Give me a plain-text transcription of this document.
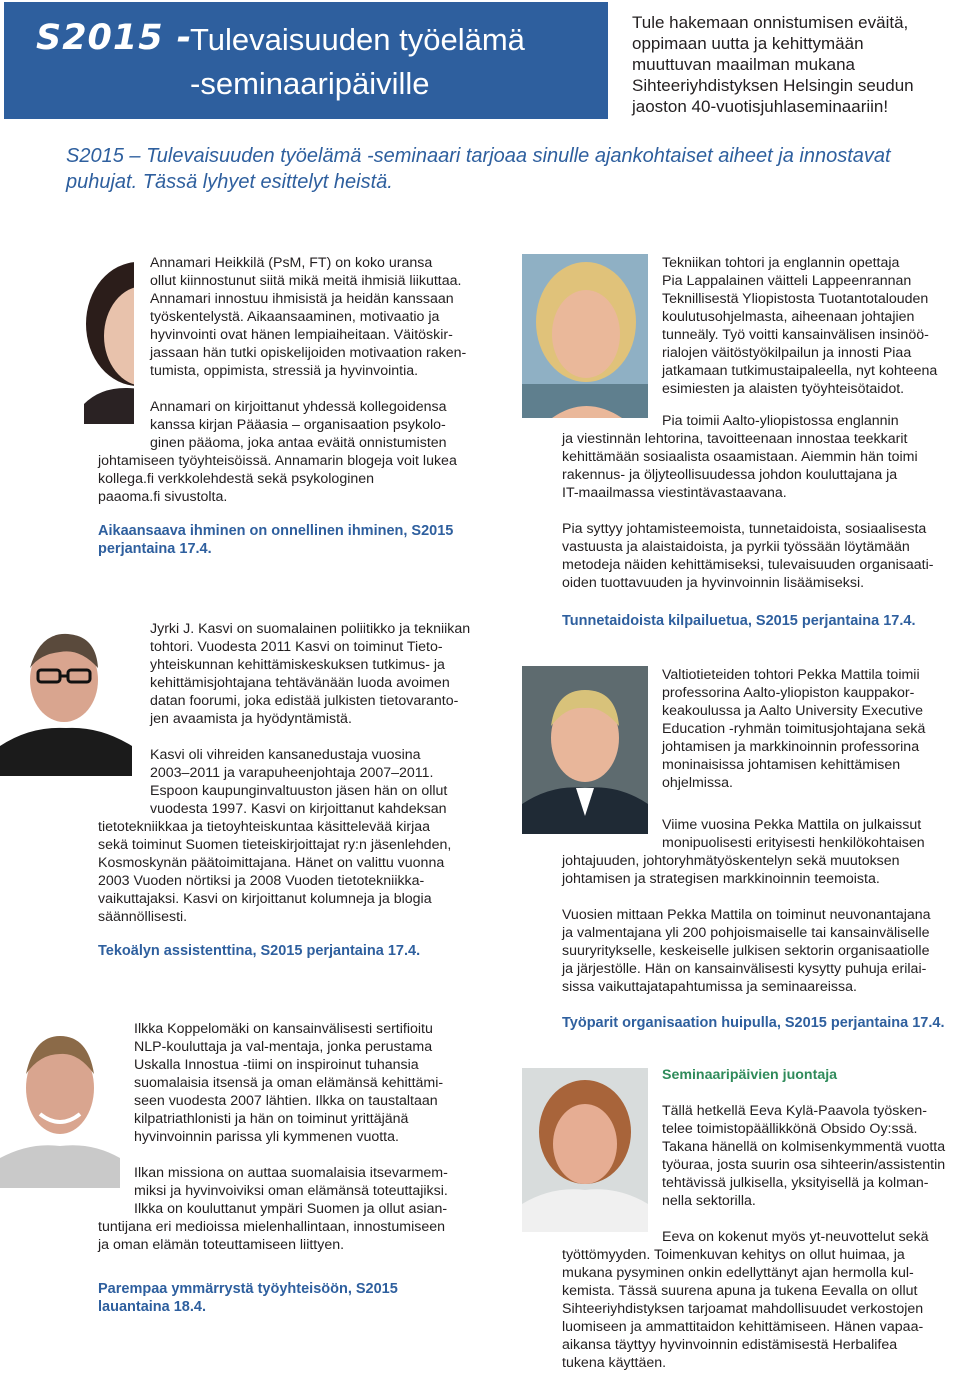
S2015 -
Tulevaisuuden työelämä
-seminaaripäiville
Tule hakemaan onnistumisen eväitä,
oppimaan uutta ja kehittymään
muuttuvan maailman mukana
Sihteeriyhdistyksen Helsingin seudun
jaoston 40-vuotisjuhlaseminaariin!
S2015 – Tulevaisuuden työelämä -seminaari tarjoaa sinulle ajankohtaiset aiheet ja innostavat
puhujat. Tässä lyhyet esittelyt heistä.
Annamari Heikkilä (PsM, FT) on koko uransa
ollut kiinnostunut siitä mikä meitä ihmisiä liikuttaa.
Annamari innostuu ihmisistä ja heidän kanssaan
työskentelystä. Aikaansaaminen, motivaatio ja
hyvinvointi ovat hänen lempiaiheitaan. Väitöskir-
jassaan hän tutki opiskelijoiden motivaation raken-
tumista, oppimista, stressiä ja hyvinvointia.
Annamari on kirjoittanut yhdessä kollegoidensa
kanssa kirjan Pääasia – organisaation psykolo-
ginen pääoma, joka antaa eväitä onnistumisten
johtamiseen työyhteisöissä. Annamarin blogeja voit lukea
kollega.fi verkkolehdestä sekä psykologinen
paaoma.fi sivustolta.
Aikaansaava ihminen on onnellinen ihminen, S2015
perjantaina 17.4.
Jyrki J. Kasvi on suomalainen poliitikko ja tekniikan
tohtori. Vuodesta 2011 Kasvi on toiminut Tieto-
yhteiskunnan kehittämiskeskuksen tutkimus- ja
kehittämisjohtajana tehtävänään luoda avoimen
datan foorumi, joka edistää julkisten tietovaranto-
jen avaamista ja hyödyntämistä.
Kasvi oli vihreiden kansanedustaja vuosina
2003–2011 ja varapuheenjohtaja 2007–2011.
Espoon kaupunginvaltuuston jäsen hän on ollut
vuodesta 1997. Kasvi on kirjoittanut kahdeksan
tietotekniikkaa ja tietoyhteiskuntaa käsittelevää kirjaa
sekä toiminut Suomen tieteiskirjoittajat ry:n jäsenlehden,
Kosmoskynän päätoimittajana. Hänet on valittu vuonna
2003 Vuoden nörtiksi ja 2008 Vuoden tietotekniikka-
vaikuttajaksi. Kasvi on kirjoittanut kolumneja ja blogia
säännöllisesti.
Tekoälyn assistenttina, S2015 perjantaina 17.4.
Ilkka Koppelomäki on kansainvälisesti sertifioitu
NLP-kouluttaja ja val-mentaja, jonka perustama
Uskalla Innostua -tiimi on inspiroinut tuhansia
suomalaisia itsensä ja oman elämänsä kehittämi-
seen vuodesta 2007 lähtien. Ilkka on taustaltaan
kilpatriathlonisti ja hän on toiminut yrittäjänä
hyvinvoinnin parissa yli kymmenen vuotta.
Ilkan missiona on auttaa suomalaisia itsevarmem-
miksi ja hyvinvoiviksi oman elämänsä toteuttajiksi.
Ilkka on kouluttanut ympäri Suomen ja ollut asian-
tuntijana eri medioissa mielenhallintaan, innostumiseen
ja oman elämän toteuttamiseen liittyen.
Parempaa ymmärrystä työyhteisöön, S2015
lauantaina 18.4.
Tekniikan tohtori ja englannin opettaja
Pia Lappalainen väitteli Lappeenrannan
Teknillisestä Yliopistosta Tuotantotalouden
koulutusohjelmasta, aiheenaan johtajien
tunneäly. Työ voitti kansainvälisen insinöö-
rialojen väitöstyökilpailun ja innosti Piaa
jatkamaan tutkimustaipaleella, nyt kohteena
esimiesten ja alaisten työyhteisötaidot.
Pia toimii Aalto-yliopistossa englannin
ja viestinnän lehtorina, tavoitteenaan innostaa teekkarit
kehittämään sosiaalista osaamistaan. Aiemmin hän toimi
rakennus- ja öljyteollisuudessa johdon kouluttajana ja
IT-maailmassa viestintävastaavana.
Pia syttyy johtamisteemoista, tunnetaidoista, sosiaalisesta
vastuusta ja alaistaidoista, ja pyrkii työssään löytämään
metodeja näiden kehittämiseksi, tulevaisuuden organisaati-
oiden tuottavuuden ja hyvinvoinnin lisäämiseksi.
Tunnetaidoista kilpailuetua, S2015 perjantaina 17.4.
Valtiotieteiden tohtori Pekka Mattila toimii
professorina Aalto-yliopiston kauppakor-
keakoulussa ja Aalto University Executive
Education -ryhmän toimitusjohtajana sekä
johtamisen ja markkinoinnin professorina
moninaisissa johtamisen kehittämisen
ohjelmissa.
Viime vuosina Pekka Mattila on julkaissut
monipuolisesti erityisesti henkilökohtaisen
johtajuuden, johtoryhmätyöskentelyn sekä muutoksen
johtamisen ja strategisen markkinoinnin teemoista.
Vuosien mittaan Pekka Mattila on toiminut neuvonantajana
ja valmentajana yli 200 pohjoismaiselle tai kansainväliselle
suuryritykselle, keskeiselle julkisen sektorin organisaatiolle
ja järjestölle. Hän on kansainvälisesti kysytty puhuja erilai-
sissa vaikuttajatapahtumissa ja seminaareissa.
Työparit organisaation huipulla, S2015 perjantaina 17.4.
Seminaaripäivien juontaja
Tällä hetkellä Eeva Kylä-Paavola työsken-
telee toimistopäällikkönä Obsido Oy:ssä.
Takana hänellä on kolmisenkymmentä vuotta
työuraa, josta suurin osa sihteerin/assistentin
tehtävissä julkisella, yksityisellä ja kolman-
nella sektorilla.
Eeva on kokenut myös yt-neuvottelut sekä
työttömyyden. Toimenkuvan kehitys on ollut huimaa, ja
mukana pysyminen onkin edellyttänyt ajan hermolla kul-
kemista. Tässä suurena apuna ja tukena Eevalla on ollut
Sihteeriyhdistyksen tarjoamat mahdollisuudet verkostojen
luomiseen ja ammattitaidon kehittämiseen. Hänen vapaa-
aikansa täyttyy hyvinvoinnin edistämisestä Herbalifea
tukena käyttäen.
